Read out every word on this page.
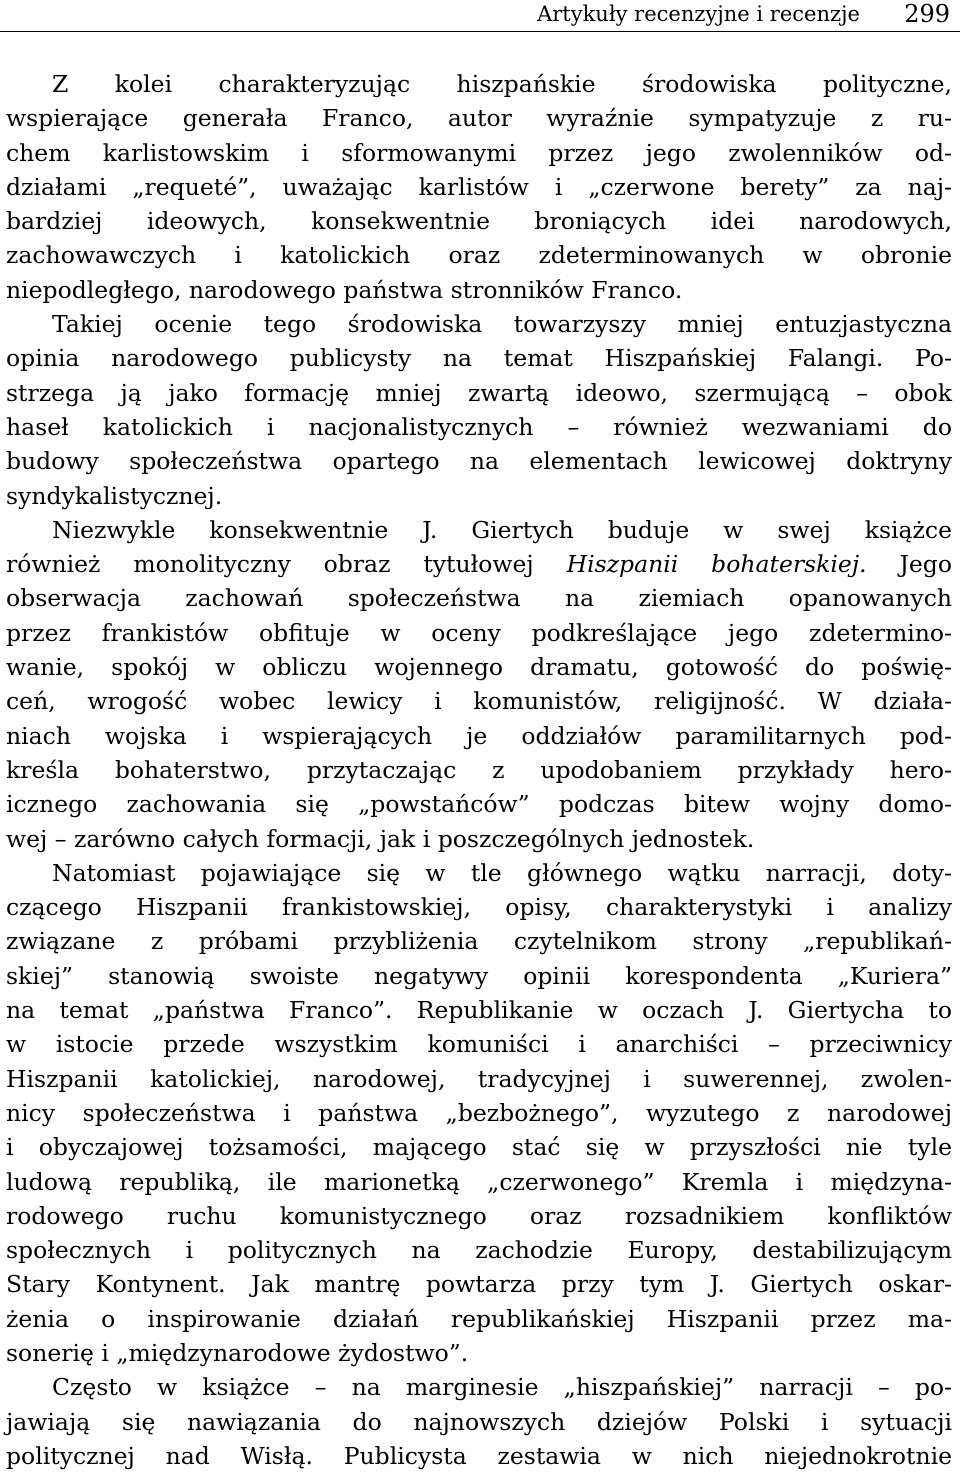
Artykuły recenzyjne i recenzje 299
Z kolei charakteryzując hiszpańskie środowiska polityczne,
wspierające generała Franco, autor wyraźnie sympatyzuje z ru-
chem karlistowskim i sformowanymi przez jego zwolenników od-
działami „requeté”, uważając karlistów i „czerwone berety” za naj-
bardziej ideowych, konsekwentnie broniących idei narodowych,
zachowawczych i katolickich oraz zdeterminowanych w obronie
niepodległego, narodowego państwa stronników Franco.
Takiej ocenie tego środowiska towarzyszy mniej entuzjastyczna
opinia narodowego publicysty na temat Hiszpańskiej Falangi. Po-
strzega ją jako formację mniej zwartą ideowo, szermującą – obok
haseł katolickich i nacjonalistycznych – również wezwaniami do
budowy społeczeństwa opartego na elementach lewicowej doktryny
syndykalistycznej.
Niezwykle konsekwentnie J. Giertych buduje w swej książce
również monolityczny obraz tytułowej Hiszpanii bohaterskiej. Jego
obserwacja zachowań społeczeństwa na ziemiach opanowanych
przez frankistów obfituje w oceny podkreślające jego zdetermino-
wanie, spokój w obliczu wojennego dramatu, gotowość do poświę-
ceń, wrogość wobec lewicy i komunistów, religijność. W działa-
niach wojska i wspierających je oddziałów paramilitarnych pod-
kreśla bohaterstwo, przytaczając z upodobaniem przykłady hero-
icznego zachowania się „powstańców” podczas bitew wojny domo-
wej – zarówno całych formacji, jak i poszczególnych jednostek.
Natomiast pojawiające się w tle głównego wątku narracji, doty-
czącego Hiszpanii frankistowskiej, opisy, charakterystyki i analizy
związane z próbami przybliżenia czytelnikom strony „republikań-
skiej” stanowią swoiste negatywy opinii korespondenta „Kuriera”
na temat „państwa Franco”. Republikanie w oczach J. Giertycha to
w istocie przede wszystkim komuniści i anarchiści – przeciwnicy
Hiszpanii katolickiej, narodowej, tradycyjnej i suwerennej, zwolen-
nicy społeczeństwa i państwa „bezbożnego”, wyzutego z narodowej
i obyczajowej tożsamości, mającego stać się w przyszłości nie tyle
ludową republiką, ile marionetką „czerwonego” Kremla i międzyna-
rodowego ruchu komunistycznego oraz rozsadnikiem konfliktów
społecznych i politycznych na zachodzie Europy, destabilizującym
Stary Kontynent. Jak mantrę powtarza przy tym J. Giertych oskar-
żenia o inspirowanie działań republikańskiej Hiszpanii przez ma-
sonerię i „międzynarodowe żydostwo”.
Często w książce – na marginesie „hiszpańskiej” narracji – po-
jawiają się nawiązania do najnowszych dziejów Polski i sytuacji
politycznej nad Wisłą. Publicysta zestawia w nich niejednokrotnie
